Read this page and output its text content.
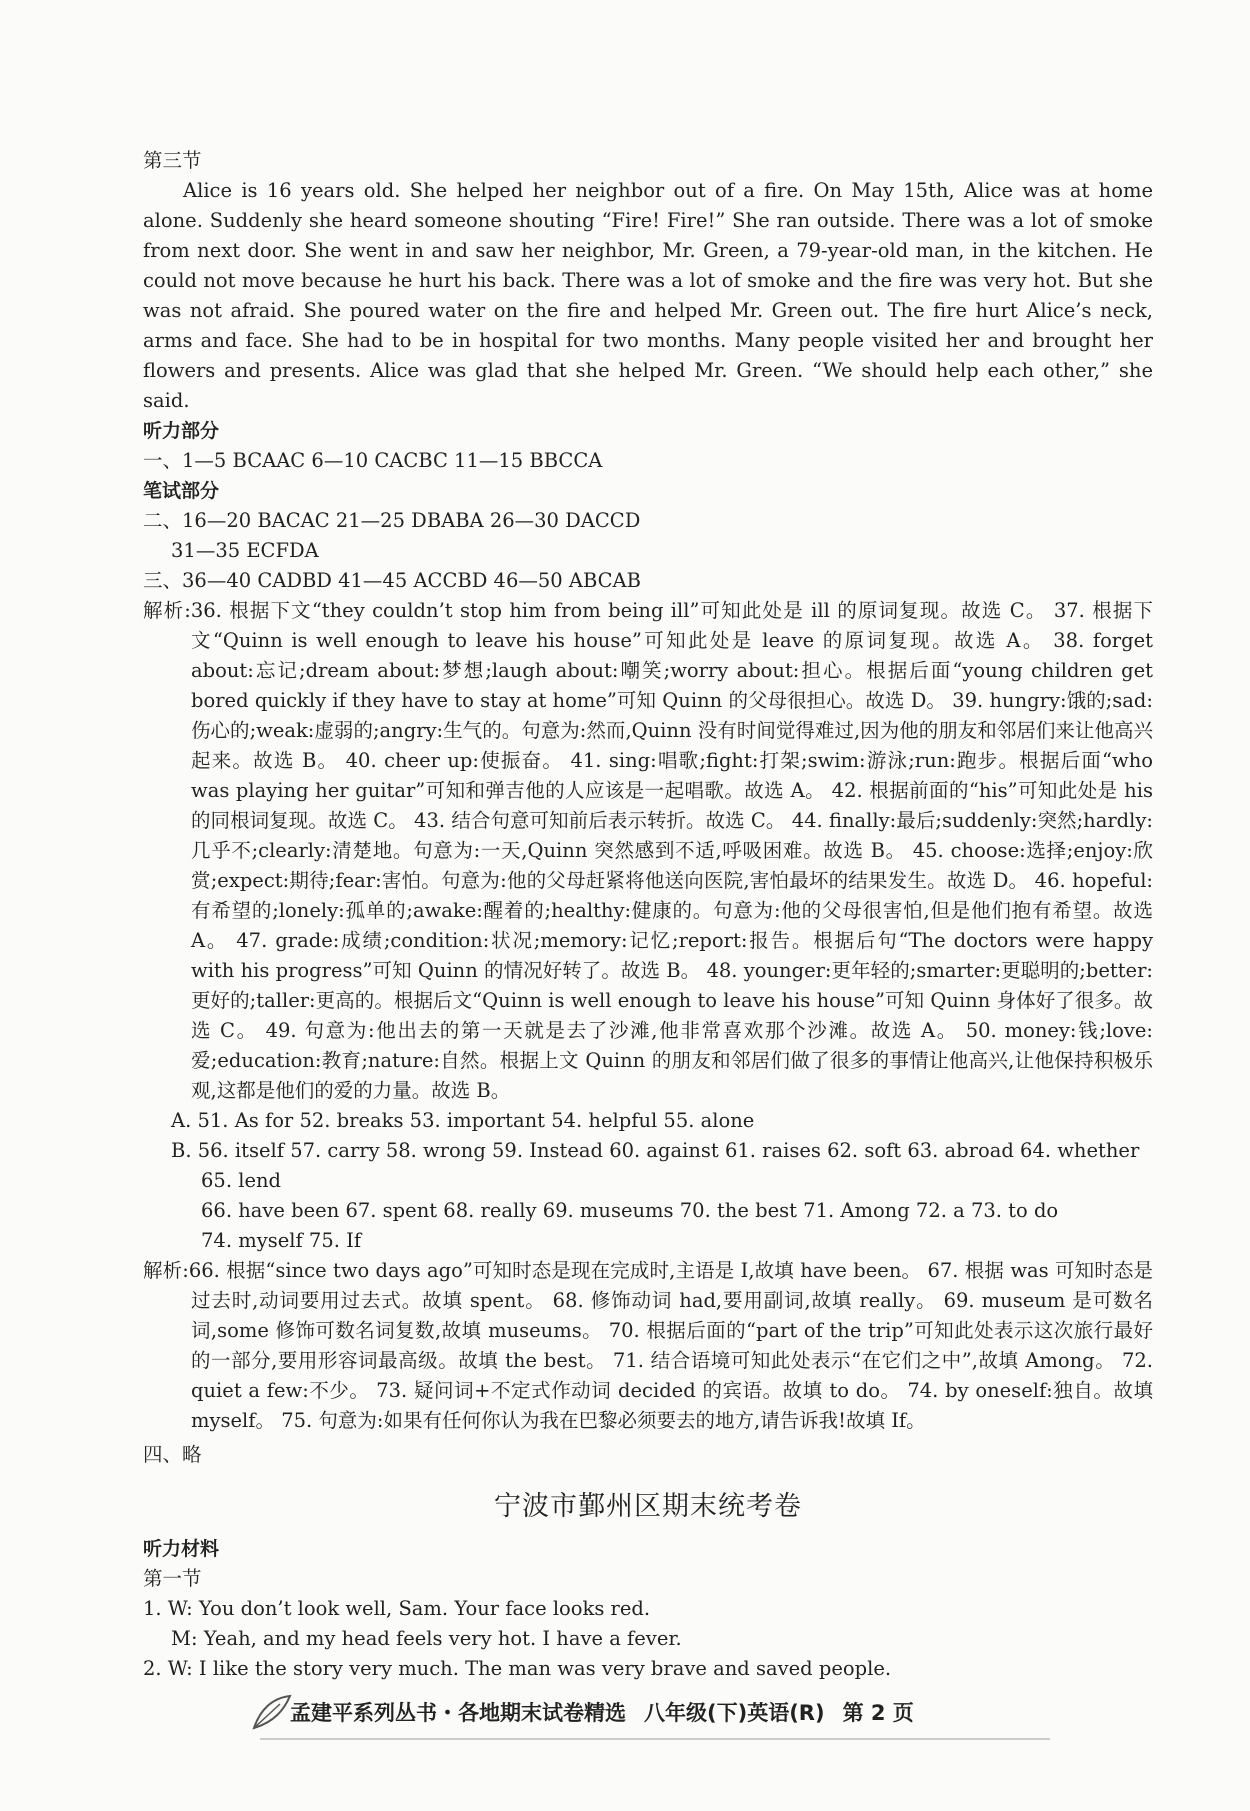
第三节

Alice is 16 years old. She helped her neighbor out of a fire. On May 15th, Alice was at home alone. Suddenly she heard someone shouting “Fire! Fire!” She ran outside. There was a lot of smoke from next door. She went in and saw her neighbor, Mr. Green, a 79-year-old man, in the kitchen. He could not move because he hurt his back. There was a lot of smoke and the fire was very hot. But she was not afraid. She poured water on the fire and helped Mr. Green out. The fire hurt Alice’s neck, arms and face. She had to be in hospital for two months. Many people visited her and brought her flowers and presents. Alice was glad that she helped Mr. Green. “We should help each other,” she said.

听力部分

一、1—5 BCAAC 6—10 CACBC 11—15 BBCCA

笔试部分

二、16—20 BACAC 21—25 DBABA 26—30 DACCD

31—35 ECFDA

三、36—40 CADBD 41—45 ACCBD 46—50 ABCAB

解析:36. 根据下文“they couldn’t stop him from being ill”可知此处是 ill 的原词复现。故选 C。 37. 根据下文“Quinn is well enough to leave his house”可知此处是 leave 的原词复现。故选 A。 38. forget about:忘记;dream about:梦想;laugh about:嘲笑;worry about:担心。根据后面“young children get bored quickly if they have to stay at home”可知 Quinn 的父母很担心。故选 D。 39. hungry:饿的;sad:伤心的;weak:虚弱的;angry:生气的。句意为:然而,Quinn 没有时间觉得难过,因为他的朋友和邻居们来让他高兴起来。故选 B。 40. cheer up:使振奋。 41. sing:唱歌;fight:打架;swim:游泳;run:跑步。根据后面“who was playing her guitar”可知和弹吉他的人应该是一起唱歌。故选 A。 42. 根据前面的“his”可知此处是 his 的同根词复现。故选 C。 43. 结合句意可知前后表示转折。故选 C。 44. finally:最后;suddenly:突然;hardly:几乎不;clearly:清楚地。句意为:一天,Quinn 突然感到不适,呼吸困难。故选 B。 45. choose:选择;enjoy:欣赏;expect:期待;fear:害怕。句意为:他的父母赶紧将他送向医院,害怕最坏的结果发生。故选 D。 46. hopeful:有希望的;lonely:孤单的;awake:醒着的;healthy:健康的。句意为:他的父母很害怕,但是他们抱有希望。故选 A。 47. grade:成绩;condition:状况;memory:记忆;report:报告。根据后句“The doctors were happy with his progress”可知 Quinn 的情况好转了。故选 B。 48. younger:更年轻的;smarter:更聪明的;better:更好的;taller:更高的。根据后文“Quinn is well enough to leave his house”可知 Quinn 身体好了很多。故选 C。 49. 句意为:他出去的第一天就是去了沙滩,他非常喜欢那个沙滩。故选 A。 50. money:钱;love:爱;education:教育;nature:自然。根据上文 Quinn 的朋友和邻居们做了很多的事情让他高兴,让他保持积极乐观,这都是他们的爱的力量。故选 B。

A. 51. As for 52. breaks 53. important 54. helpful 55. alone

B. 56. itself 57. carry 58. wrong 59. Instead 60. against 61. raises 62. soft 63. abroad 64. whether

65. lend

66. have been 67. spent 68. really 69. museums 70. the best 71. Among 72. a 73. to do

74. myself 75. If

解析:66. 根据“since two days ago”可知时态是现在完成时,主语是 I,故填 have been。 67. 根据 was 可知时态是过去时,动词要用过去式。故填 spent。 68. 修饰动词 had,要用副词,故填 really。 69. museum 是可数名词,some 修饰可数名词复数,故填 museums。 70. 根据后面的“part of the trip”可知此处表示这次旅行最好的一部分,要用形容词最高级。故填 the best。 71. 结合语境可知此处表示“在它们之中”,故填 Among。 72. quiet a few:不少。 73. 疑问词+不定式作动词 decided 的宾语。故填 to do。 74. by oneself:独自。故填 myself。 75. 句意为:如果有任何你认为我在巴黎必须要去的地方,请告诉我!故填 If。

四、略

宁波市鄞州区期末统考卷

听力材料

第一节

1. W: You don’t look well, Sam. Your face looks red.

M: Yeah, and my head feels very hot. I have a fever.

2. W: I like the story very much. The man was very brave and saved people.

孟建平系列丛书・各地期末试卷精选 八年级(下)英语(R) 第 2 页
